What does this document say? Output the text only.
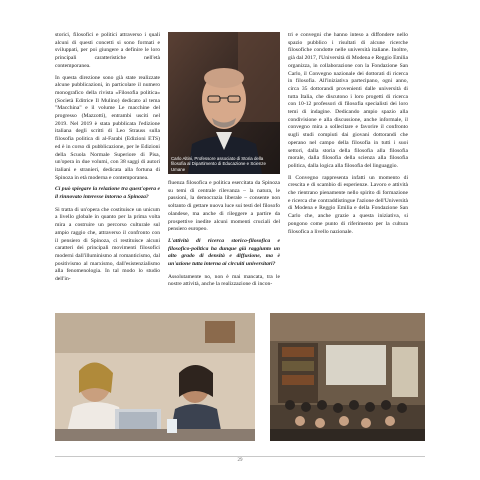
storici, filosofici e politici attraverso i quali alcuni di questi concetti si sono formati e sviluppati, per poi giungere a definire le loro principali caratteristiche nell'età contemporanea.

In questa direzione sono già state realizzate alcune pubblicazioni, in particolare il numero monografico della rivista «Filosofia politica» (Società Editrice Il Mulino) dedicato al tema "Macchina" e il volume Le macchine del progresso (Mazzotti), entrambi usciti nel 2019. Nel 2019 è stata pubblicata l'edizione italiana degli scritti di Leo Strauss sulla filosofia politica di al-Farabi (Edizioni ETS) ed è in corso di pubblicazione, per le Edizioni della Scuola Normale Superiore di Pisa, un'opera in due volumi, con 38 saggi di autori italiani e stranieri, dedicata alla fortuna di Spinoza in età moderna e contemporanea.

Ci può spiegare la relazione tra quest'opera e il rinnovato interesse intorno a Spinoza?

Si tratta di un'opera che costituisce un unicum a livello globale in quanto per la prima volta mira a costruire un percorso culturale sul ampio raggio che, attraverso il confronto con il pensiero di Spinoza, ci restituisce alcuni caratteri dei principali movimenti filosofici moderni dall'illuminismo al romanticismo, dal positivismo al marxismo, dall'esistenzialismo alla fenomenologia. In tal modo lo studio dell'in-

Carlo Altini, Professore associato di Storia della filosofia al Dipartimento di Educazione e Scienze Umane

fluenza filosofica e politica esercitata da Spinoza su temi di centrale rilevanza – la natura, le passioni, la democrazia liberale – consente non soltanto di gettare nuova luce sui testi del filosofo olandese, ma anche di rileggere a partire da prospettive inedite alcuni momenti cruciali del pensiero europeo.

L'attività di ricerca storico-filosofica e filosofico-politica ha dunque già raggiunto un alto grado di densità e diffusione, ma è un'azione tutta interna ai circuiti universitari?

Assolutamente no, non è mai mancata, tra le nostre attività, anche la realizzazione di incon-

tri e convegni che hanno inteso a diffondere nello spazio pubblico i risultati di alcune ricerche filosofiche condotte nelle università italiane. Inoltre, già dal 2017, l'Università di Modena e Reggio Emilia organizza, in collaborazione con la Fondazione San Carlo, il Convegno nazionale dei dottorati di ricerca in filosofia. All'iniziativa partecipano, ogni anno, circa 35 dottorandi provenienti dalle università di tutta Italia, che discutono i loro progetti di ricerca con 10-12 professori di filosofia specialisti dei loro temi di indagine. Dedicando ampio spazio alla condivisione e alla discussione, anche informale, il convegno mira a sollecitare e favorire il confronto sugli studi compiuti dai giovani dottorandi che operano nel campo della filosofia in tutti i suoi settori, dalla storia della filosofia alla filosofia morale, dalla filosofia della scienza alla filosofia politica, dalla logica alla filosofia del linguaggio.

Il Convegno rappresenta infatti un momento di crescita e di scambio di esperienze. Lavoro e attività che rientrano pienamente nello spirito di formazione e ricerca che contraddistingue l'azione dell'Università di Modena e Reggio Emilia e della Fondazione San Carlo che, anche grazie a questa iniziativa, si pongono come punto di riferimento per la cultura filosofica a livello nazionale.

29
